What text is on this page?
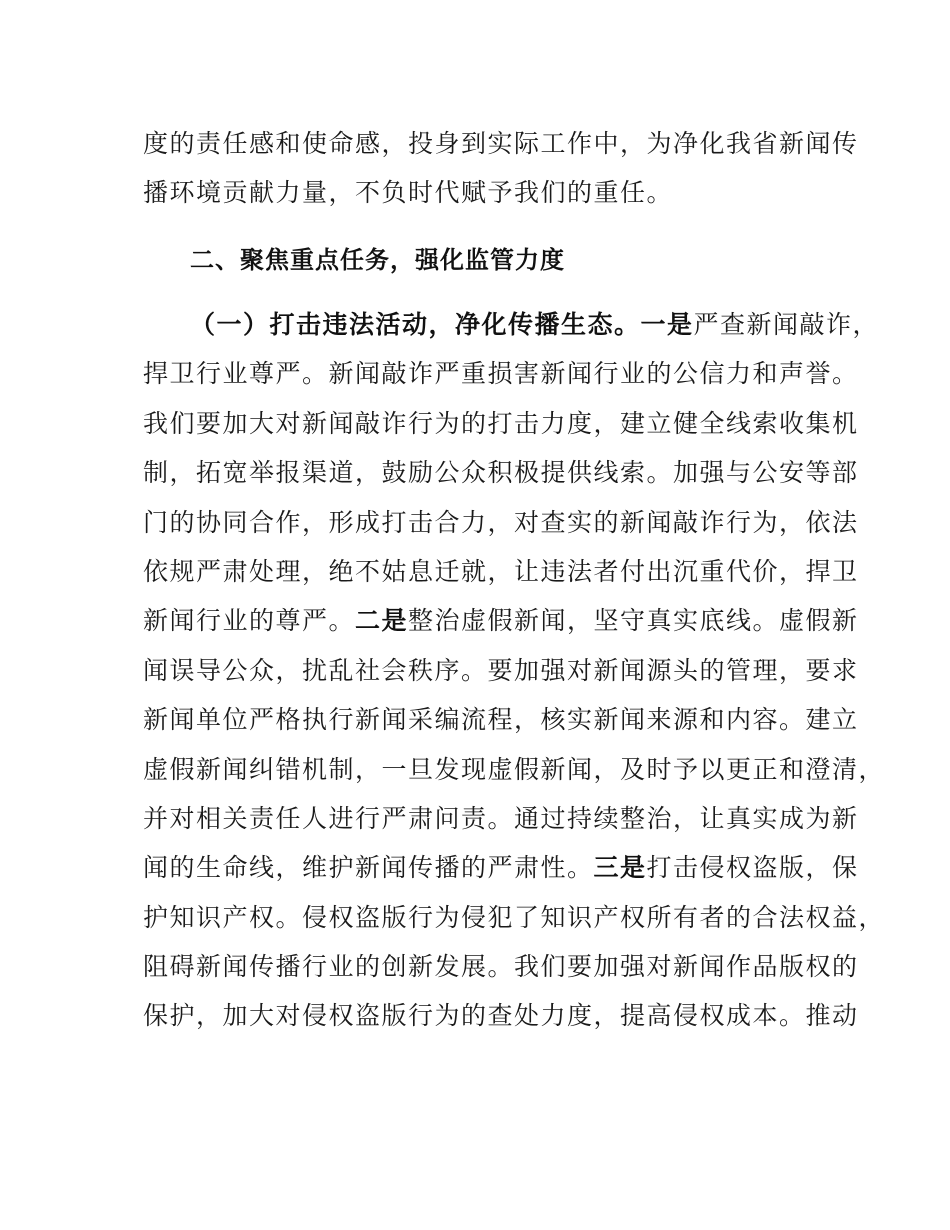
度的责任感和使命感，投身到实际工作中，为净化我省新闻传
播环境贡献力量，不负时代赋予我们的重任。
二、聚焦重点任务，强化监管力度
（一）打击违法活动，净化传播生态。一是严查新闻敲诈，
捍卫行业尊严。新闻敲诈严重损害新闻行业的公信力和声誉。
我们要加大对新闻敲诈行为的打击力度，建立健全线索收集机
制，拓宽举报渠道，鼓励公众积极提供线索。加强与公安等部
门的协同合作，形成打击合力，对查实的新闻敲诈行为，依法
依规严肃处理，绝不姑息迁就，让违法者付出沉重代价，捍卫
新闻行业的尊严。二是整治虚假新闻，坚守真实底线。虚假新
闻误导公众，扰乱社会秩序。要加强对新闻源头的管理，要求
新闻单位严格执行新闻采编流程，核实新闻来源和内容。建立
虚假新闻纠错机制，一旦发现虚假新闻，及时予以更正和澄清，
并对相关责任人进行严肃问责。通过持续整治，让真实成为新
闻的生命线，维护新闻传播的严肃性。三是打击侵权盗版，保
护知识产权。侵权盗版行为侵犯了知识产权所有者的合法权益，
阻碍新闻传播行业的创新发展。我们要加强对新闻作品版权的
保护，加大对侵权盗版行为的查处力度，提高侵权成本。推动
